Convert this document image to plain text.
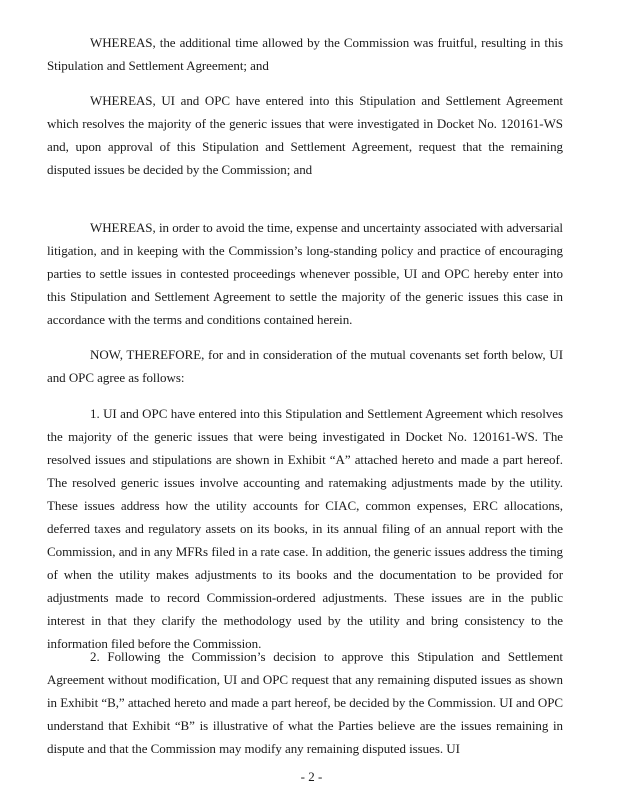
WHEREAS, the additional time allowed by the Commission was fruitful, resulting in this Stipulation and Settlement Agreement; and

WHEREAS, UI and OPC have entered into this Stipulation and Settlement Agreement which resolves the majority of the generic issues that were investigated in Docket No. 120161-WS and, upon approval of this Stipulation and Settlement Agreement, request that the remaining disputed issues be decided by the Commission; and

WHEREAS, in order to avoid the time, expense and uncertainty associated with adversarial litigation, and in keeping with the Commission’s long-standing policy and practice of encouraging parties to settle issues in contested proceedings whenever possible, UI and OPC hereby enter into this Stipulation and Settlement Agreement to settle the majority of the generic issues this case in accordance with the terms and conditions contained herein.

NOW, THEREFORE, for and in consideration of the mutual covenants set forth below, UI and OPC agree as follows:

1. UI and OPC have entered into this Stipulation and Settlement Agreement which resolves the majority of the generic issues that were being investigated in Docket No. 120161-WS. The resolved issues and stipulations are shown in Exhibit “A” attached hereto and made a part hereof. The resolved generic issues involve accounting and ratemaking adjustments made by the utility. These issues address how the utility accounts for CIAC, common expenses, ERC allocations, deferred taxes and regulatory assets on its books, in its annual filing of an annual report with the Commission, and in any MFRs filed in a rate case. In addition, the generic issues address the timing of when the utility makes adjustments to its books and the documentation to be provided for adjustments made to record Commission-ordered adjustments. These issues are in the public interest in that they clarify the methodology used by the utility and bring consistency to the information filed before the Commission.

2. Following the Commission’s decision to approve this Stipulation and Settlement Agreement without modification, UI and OPC request that any remaining disputed issues as shown in Exhibit “B,” attached hereto and made a part hereof, be decided by the Commission. UI and OPC understand that Exhibit “B” is illustrative of what the Parties believe are the issues remaining in dispute and that the Commission may modify any remaining disputed issues. UI

- 2 -
